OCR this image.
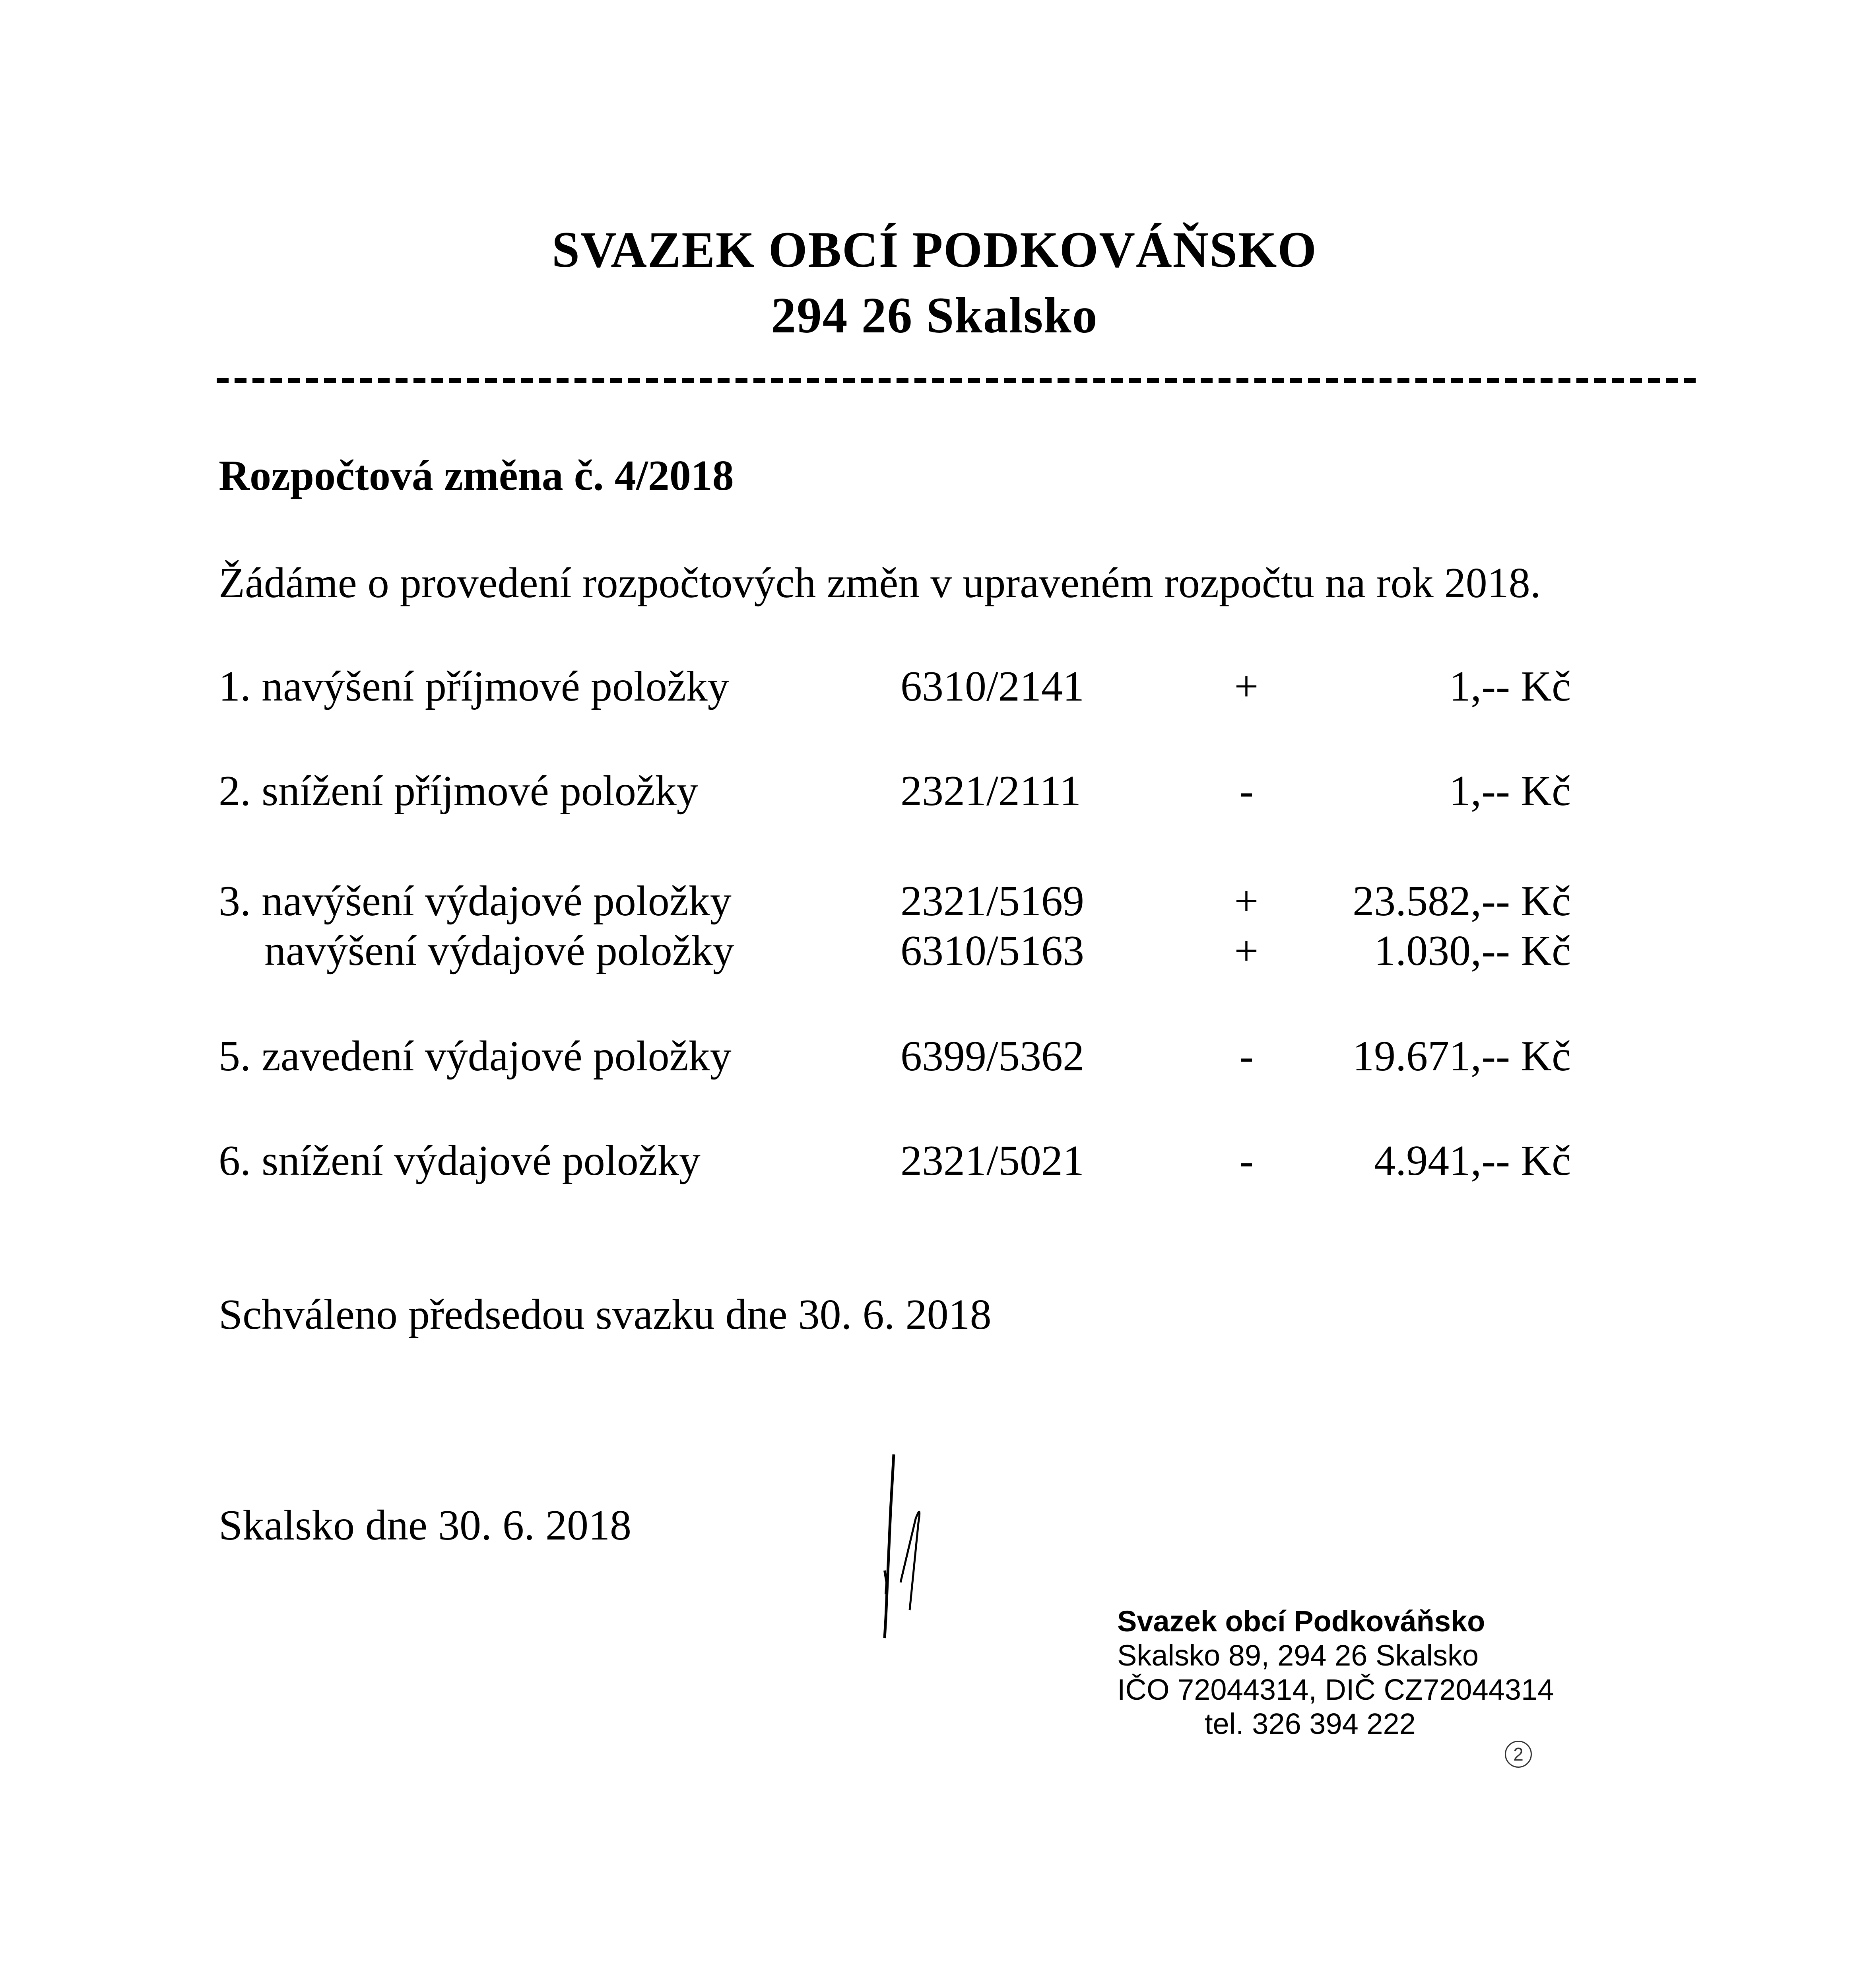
SVAZEK OBCÍ PODKOVÁŇSKO
294 26 Skalsko
Rozpočtová změna č. 4/2018
Žádáme o provedení rozpočtových změn v upraveném rozpočtu na rok 2018.
1. navýšení příjmové položky	6310/2141	+	1,-- Kč
2. snížení příjmové položky	2321/2111	-	1,-- Kč
3. navýšení výdajové položky	2321/5169	+ 23.582,-- Kč
navýšení výdajové položky	6310/5163	+	1.030,-- Kč
5. zavedení výdajové položky	6399/5362	- 19.671,-- Kč
6. snížení výdajové položky	2321/5021	-	4.941,-- Kč
Schváleno předsedou svazku dne 30. 6. 2018
Skalsko dne 30. 6. 2018
Svazek obcí Podkováňsko
Skalsko 89, 294 26 Skalsko
IČO 72044314, DIČ CZ72044314
tel. 326 394 222
2
